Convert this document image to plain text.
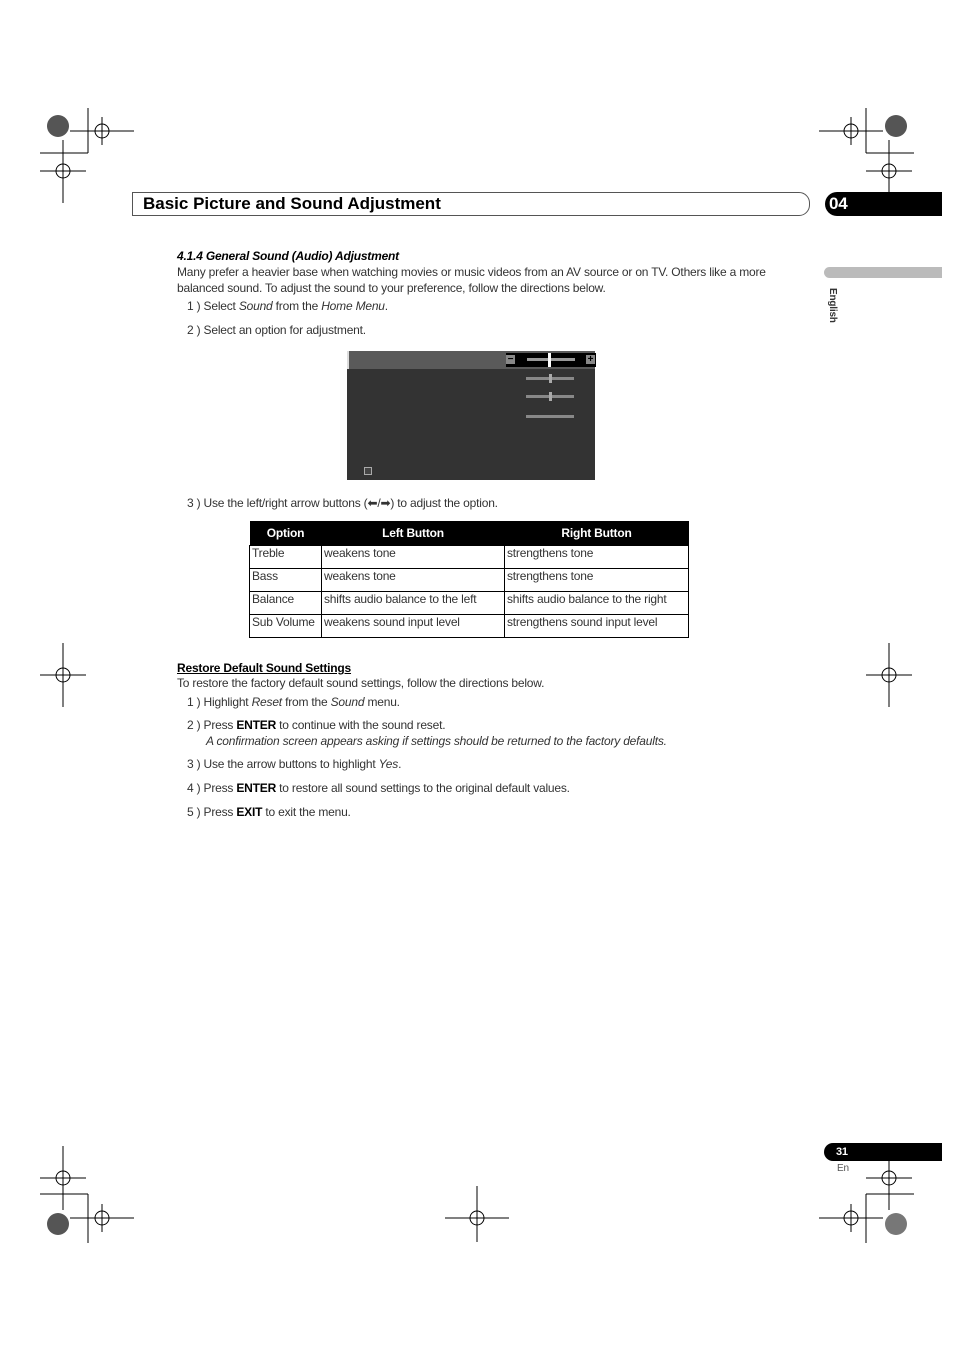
Basic Picture and Sound Adjustment	04
English
4.1.4 General Sound (Audio) Adjustment
Many prefer a heavier base when watching movies or music videos from an AV source or on TV. Others like a more
balanced sound. To adjust the sound to your preference, follow the directions below.
1 ) Select Sound from the Home Menu.
2 ) Select an option for adjustment.
−	+
3 ) Use the left/right arrow buttons (⬅/➡) to adjust the option.
Option	Left Button	Right Button
Treble	weakens tone	strengthens tone
Bass	weakens tone	strengthens tone
Balance	shifts audio balance to the left	shifts audio balance to the right
Sub Volume	weakens sound input level	strengthens sound input level
Restore Default Sound Settings
To restore the factory default sound settings, follow the directions below.
1 ) Highlight Reset from the Sound menu.
2 ) Press ENTER to continue with the sound reset.
A confirmation screen appears asking if settings should be returned to the factory defaults.
3 ) Use the arrow buttons to highlight Yes.
4 ) Press ENTER to restore all sound settings to the original default values.
5 ) Press EXIT to exit the menu.
31
En
